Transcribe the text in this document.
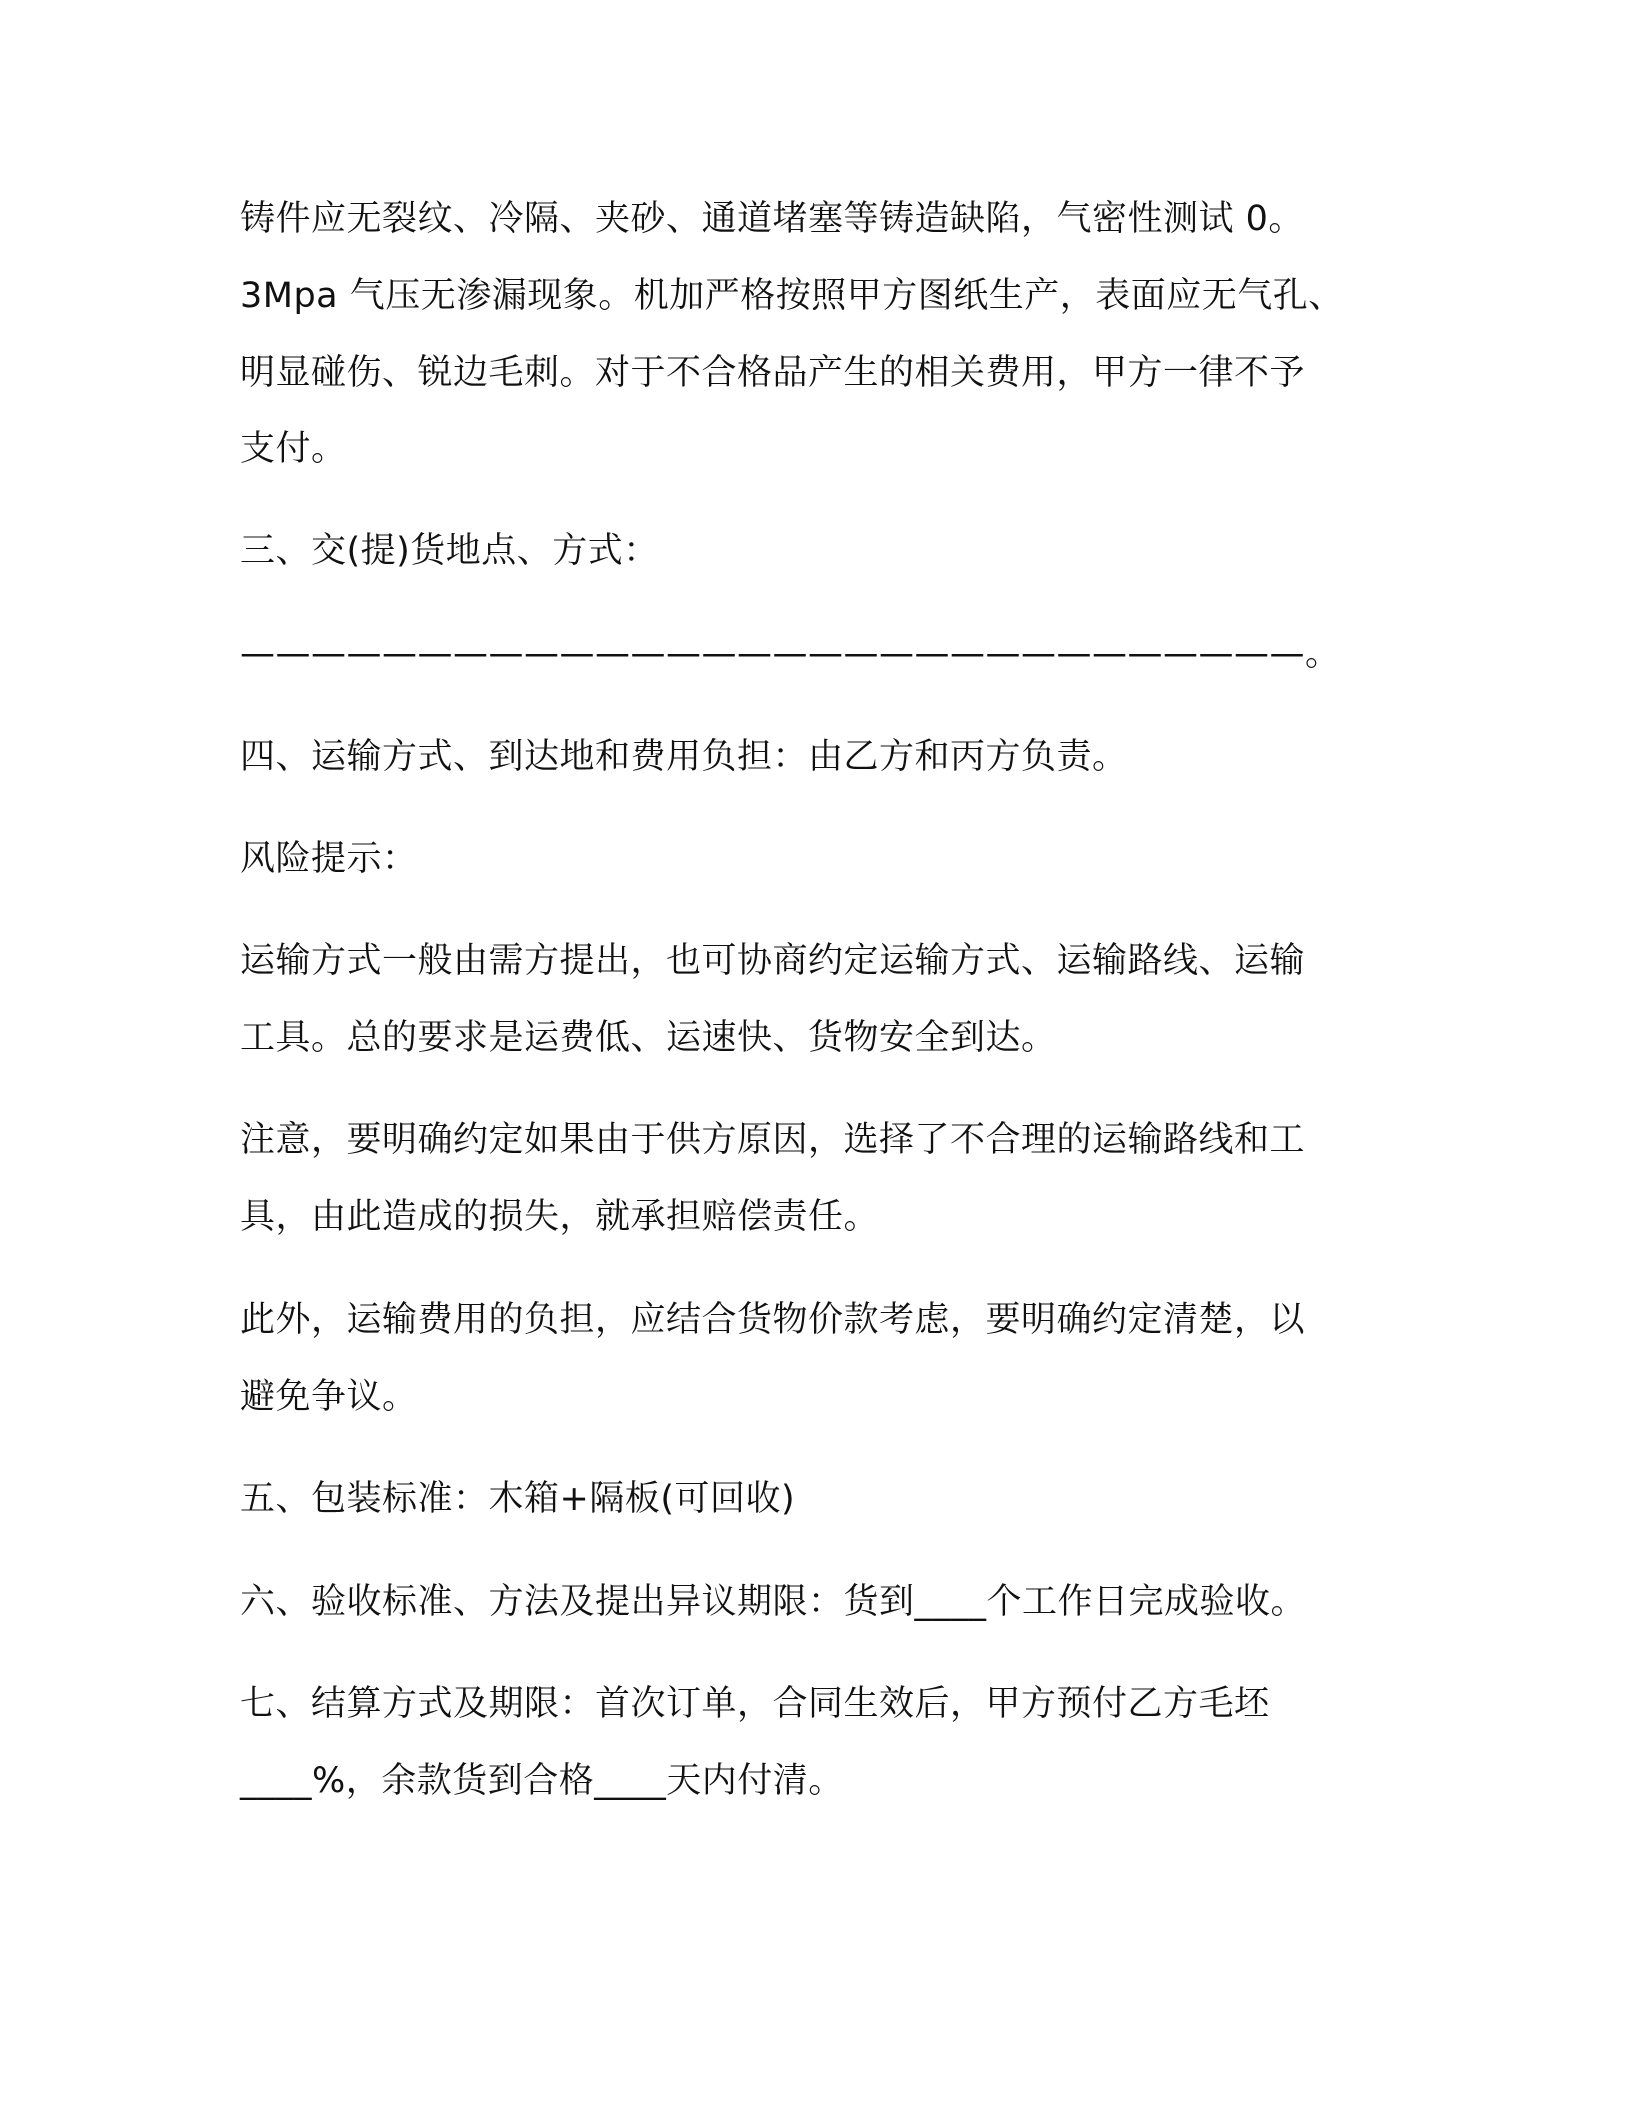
铸件应无裂纹、冷隔、夹砂、通道堵塞等铸造缺陷，气密性测试 0。
3Mpa 气压无渗漏现象。机加严格按照甲方图纸生产，表面应无气孔、
明显碰伤、锐边毛刺。对于不合格品产生的相关费用，甲方一律不予
支付。
三、交(提)货地点、方式：
——————————————————————————————。
四、运输方式、到达地和费用负担：由乙方和丙方负责。
风险提示：
运输方式一般由需方提出，也可协商约定运输方式、运输路线、运输
工具。总的要求是运费低、运速快、货物安全到达。
注意，要明确约定如果由于供方原因，选择了不合理的运输路线和工
具，由此造成的损失，就承担赔偿责任。
此外，运输费用的负担，应结合货物价款考虑，要明确约定清楚，以
避免争议。
五、包装标准：木箱+隔板(可回收)
六、验收标准、方法及提出异议期限：货到____个工作日完成验收。
七、结算方式及期限：首次订单，合同生效后，甲方预付乙方毛坯
____%，余款货到合格____天内付清。
